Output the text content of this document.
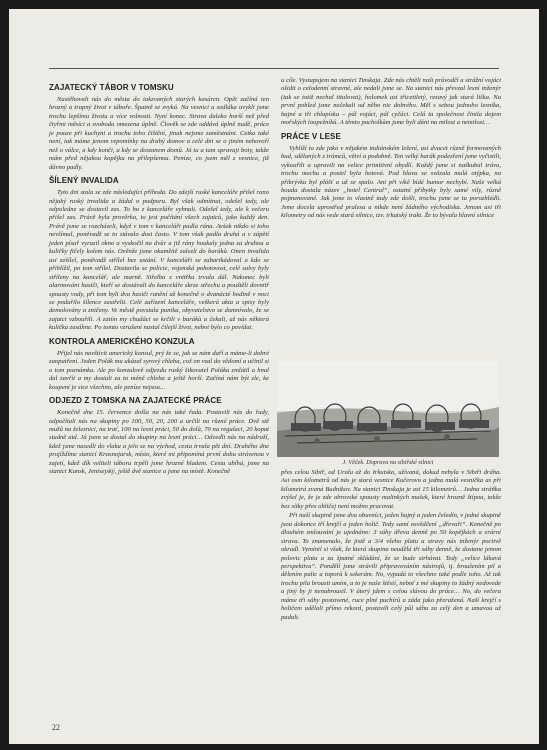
ZAJATECKÝ TÁBOR V TOMSKU

Nastěhovali nás do města do takzvaných starých kasáren. Opět začíná ten hrozný a trapný život v tábořе. Špatně se zvyká. Na vesnici u sedláka uvykli jsme trochu lepšímu životu a více volnosti. Nyní konec. Strava daleko horší než před čtyřmi měsíci a svoboda omezena úplně. Člověk se zde oddává úplně nudě, práce je pouze při kuchyni a trochu toho čištění, jinak nejsme zaměstnáni. Cetka také není, tak máme jenom vzpomínky na drahý domov a celé dni se o jiném nehovoří než o válce, a kdy konči, a kdy se dostanem domů. Já tu a tam spravuji boty, takže mám před nějakou kopějku na přilepšenou. Peníze, co jsem měl z vesnice, již dávno padly.

ŠÍLENÝ INVALIDA

Tyto dni stala se zde následující příhoda. Do zdejší ruské kanceláře přišel rano nějaký ruský invalida a žádal o podporu. Byl však odmítnut, odešel tedy, ale odpoledne se dostavil zas. To ho z kanceláře vyhnali. Odešel tedy, ale k večeru přišel zas. Právě byla prověrka, to jest počítání všech zajatců, jako každý den. Právě jsme se rozcházeli, když v tom v kanceláři padla rána. Avšak nikdo si toho nevšímal, poněvadž se to stávalo dost často. V tom však padla druhá a v zápětí jeden písař vyrazil okno a vyskočil na dvůr a již rány houkaly jedna za druhou a kuličky fičely kolem nás. Ověnže jsme okamžitě zalezli do baráků. Onen invalida asi zešílel, poněvadž střílel bez ustání. V kanceláři se zabarikádoval a kdo se přiblížil, po tom střílel. Dostavila se policie, vojenská pohotovost, celé salvy byly střileny na kancelář, ale marně. Střelba z vnitřku trvala dál. Nakonec byli alarmováni hasiči, kteří se dostávali do kanceláře skrze střechu a pouštěli dovnitř spousty vody, při tom byli dva hasiči ranění až konečně o dvanácté hodině v noci se podařilo šílence zastřelit. Celé zařízení kanceláře, veškerá akta a spisy byly demolovány a zničeny. Ve městě povstala panika, obyvatelstvo se domnívalo, že se zajatci vzbouřili. A zatím my chudáci se krčili v barákù a čekali, až nás některá kulička zasáhne. Po tomto vzrušení nastal čilejší život, nebot bylo co povídat.

KONTROLA AMERICKÉHO KONZULA

Přijel nás navštívit americký konsul, prý že se, jak se nám daří a máme-li dobré zaopatření. Jeden Polák mu ukázal syrový chleba, což on vzal do vědomí a učinil si o tom poznámku. Ale po konzulově odjezdu ruský šikovatel Poláka zmlátil a hnal dal zavřít a my dostali za to méně chleba a ještě horší. Začíná nám být zle, ke koupení je sice všechno, ale peníze nejsou…

ODJEZD Z TOMSKA NA ZAJATECKÉ PRÁCE

Konečně dne 15. července došla na nás také řada. Postavili nás do řady, odpočítali nás na skupiny po 100, 50, 20, 200 a určili na různé práce. Dvě stě mužů na železnici, na trať, 100 na lesní práci, 50 do dolů, 70 na regulaci, 20 kopat studně atd. Já jsem se dostal do skupiny na lesní práci… Odvedli nás na nádraží, kdež jsme nasedli do vlaku a jelo se na východ, cesta trvala pět dní. Druhého dne projíždíme stanicí Krasnojarsk, místo, které mi připomíná první dobu strávenou v zajetí, kdež dík veliteli táboru trpěli jsme hrozné hladem. Cesta ubíhá, jsme na stanici Kansk, Jenisejský, ještě dvě stanice a jsme na místě. Konečně

u cíle. Vystupujem na stanici Tinskaja. Zde nás chtěli naši průvodčí a strážní vojáci ošidit o celodenní stravné, ale nedali jsme se. Na stanici nás převzal lesní inženýr (tak se totiž nechal titulovat), holomek asi třicetiletý, rezavý jak stará liška. Na první pohled jsme nečekali od něho nic dobrého. Měl s sebou jednoho lesníka, hajné a tři chlapíska – pál vojáci, pál cyčáci. Celá ta společnost činila dojem mořských loupežníků. A těmto pacholkům jsme byli dáni na milost a nemilost…

PRÁCE V LESE

Vyhlíží to zde jako v nějakém indiánském ležení, asi dvacet různě formovaných bud, sdělaných z trámců, větví a podobně. Ten velký barák podezření jsme vyčistili, vykouřili a upravili na velice primitivní obydlí. Každý jsme si naškubal trávu, trochu mechu a postel byla hotová. Pod hlavu se svázala malá otýpka, na přikrývku byl plášť a už se spalo. Ani při víkě bídé humor nechybí. Naše velká bouda dostala název „hotel Central“, ostatní příbytky byly samé vily, různě pojmenované. Jak jsme to vlastně tady zde došli, trochu jsme se tu porozhlédli. Jsme docela uprostřed pralesa a nikde není žádného východiska. Jenom asi tři kilometry od nás vede stará silnice, tzv. irkutský trakt. Že to bývala hlavní silnice

J. Věček. Doprava na sibiřské silnici

přes celou Sibiř, od Uralu až do Irkutska, užívaná, dokud nebyla v Sibiři dráha. Asi osm kilometrů od nás je stará vesnice Kučerovo a jedna malá vesnička as při kilometrá zvaná Budnikov. Na stanici Tinskaja je asi 15 kilometrů… Jedna stráňka zvýšel je, že je zde obrovské spousty malinkých mušek, které hrozně štípou, takže bez sítky přes obličej není možno pracovat.

Při naší skupině jsme dva obuvníci, jeden hajný a jeden čeledín, v jedné skupině jsou dokonce tří krejčí a jeden holič. Tedy samí osvědčení „dřevaři“. Konečně po dlouhém smlouvání je ujednáno: 3 sáhy dřeva denně po 50 kopějkách a erární strava. To znamenalo, že jistě a 3/4 všeho platu a stravy nás inženýr poctivě okradl. Vymínil si však, že která skupina neudělá tři sáhy denně, že dostane jenom polovic platu a za špatné skládání, že se bude strhávat. Tedy „velice lákavá perspektiva“. Pondělí jsme strávili připravováním nástrojů, tj. broušením pil a dělením palic a toporů k sekerám. No, vypadá to všechno také podle toho. Až tak trochu pila brousit umím, a to je naše štěstí, neboť z mé skupiny to žádný nedovede a jiný by ji nenabrousil. V úterý jdem s celou slávou do práce… No, do večera máme tři sáhy postavené, ruce plné puchírů a záda jako přeražená. Naší krejčí s holičem udělali přímo rekord, postavili celý půl sáhu za celý den a umavou už padali.

22
